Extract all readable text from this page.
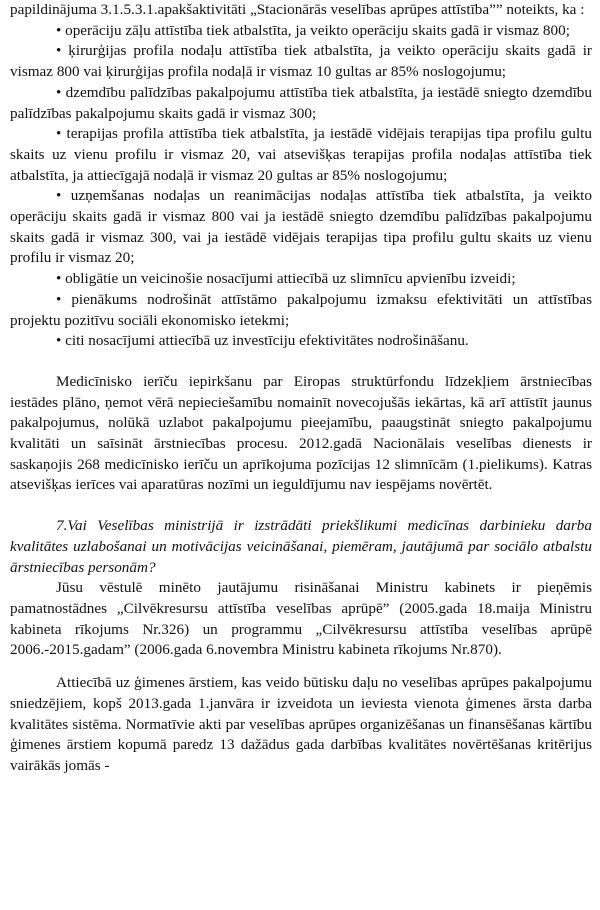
papildinājuma 3.1.5.3.1.apakšaktivitāti „Stacionārās veselības aprūpes attīstība”” noteikts, ka :

• operāciju zāļu attīstība tiek atbalstīta, ja veikto operāciju skaits gadā ir vismaz 800;

• ķirurģijas profila nodaļu attīstība tiek atbalstīta, ja veikto operāciju skaits gadā ir vismaz 800 vai ķirurģijas profila nodaļā ir vismaz 10 gultas ar 85% noslogojumu;

• dzemdību palīdzības pakalpojumu attīstība tiek atbalstīta, ja iestādē sniegto dzemdību palīdzības pakalpojumu skaits gadā ir vismaz 300;

• terapijas profila attīstība tiek atbalstīta, ja iestādē vidējais terapijas tipa profilu gultu skaits uz vienu profilu ir vismaz 20, vai atsevišķas terapijas profila nodaļas attīstība tiek atbalstīta, ja attiecīgajā nodaļā ir vismaz 20 gultas ar 85% noslogojumu;

• uzņemšanas nodaļas un reanimācijas nodaļas attīstība tiek atbalstīta, ja veikto operāciju skaits gadā ir vismaz 800 vai ja iestādē sniegto dzemdību palīdzības pakalpojumu skaits gadā ir vismaz 300, vai ja iestādē vidējais terapijas tipa profilu gultu skaits uz vienu profilu ir vismaz 20;

• obligātie un veicinošie nosacījumi attiecībā uz slimnīcu apvienību izveidi;

• pienākums nodrošināt attīstāmo pakalpojumu izmaksu efektivitāti un attīstības projektu pozitīvu sociāli ekonomisko ietekmi;

• citi nosacījumi attiecībā uz investīciju efektivitātes nodrošināšanu.

Medicīnisko ierīču iepirkšanu par Eiropas struktūrfondu līdzekļiem ārstniecības iestādes plāno, ņemot vērā nepieciešamību nomainīt novecojušās iekārtas, kā arī attīstīt jaunus pakalpojumus, nolūkā uzlabot pakalpojumu pieejamību, paaugstināt sniegto pakalpojumu kvalitāti un saīsināt ārstniecības procesu. 2012.gadā Nacionālais veselības dienests ir saskaņojis 268 medicīnisko ierīču un aprīkojuma pozīcijas 12 slimnīcām (1.pielikums). Katras atsevišķas ierīces vai aparatūras nozīmi un ieguldījumu nav iespējams novērtēt.

7.Vai Veselības ministrijā ir izstrādāti priekšlikumi medicīnas darbinieku darba kvalitātes uzlabošanai un motivācijas veicināšanai, piemēram, jautājumā par sociālo atbalstu ārstniecības personām?

Jūsu vēstulē minēto jautājumu risināšanai Ministru kabinets ir pieņēmis pamatnostādnes „Cilvēkresursu attīstība veselības aprūpē” (2005.gada 18.maija Ministru kabineta rīkojums Nr.326) un programmu „Cilvēkresursu attīstība veselības aprūpē 2006.-2015.gadam” (2006.gada 6.novembra Ministru kabineta rīkojums Nr.870).

Attiecībā uz ģimenes ārstiem, kas veido būtisku daļu no veselības aprūpes pakalpojumu sniedzējiem, kopš 2013.gada 1.janvāra ir izveidota un ieviesta vienota ģimenes ārsta darba kvalitātes sistēma. Normatīvie akti par veselības aprūpes organizēšanas un finansēšanas kārtību ģimenes ārstiem kopumā paredz 13 dažādus gada darbības kvalitātes novērtēšanas kritērijus vairākās jomās -
